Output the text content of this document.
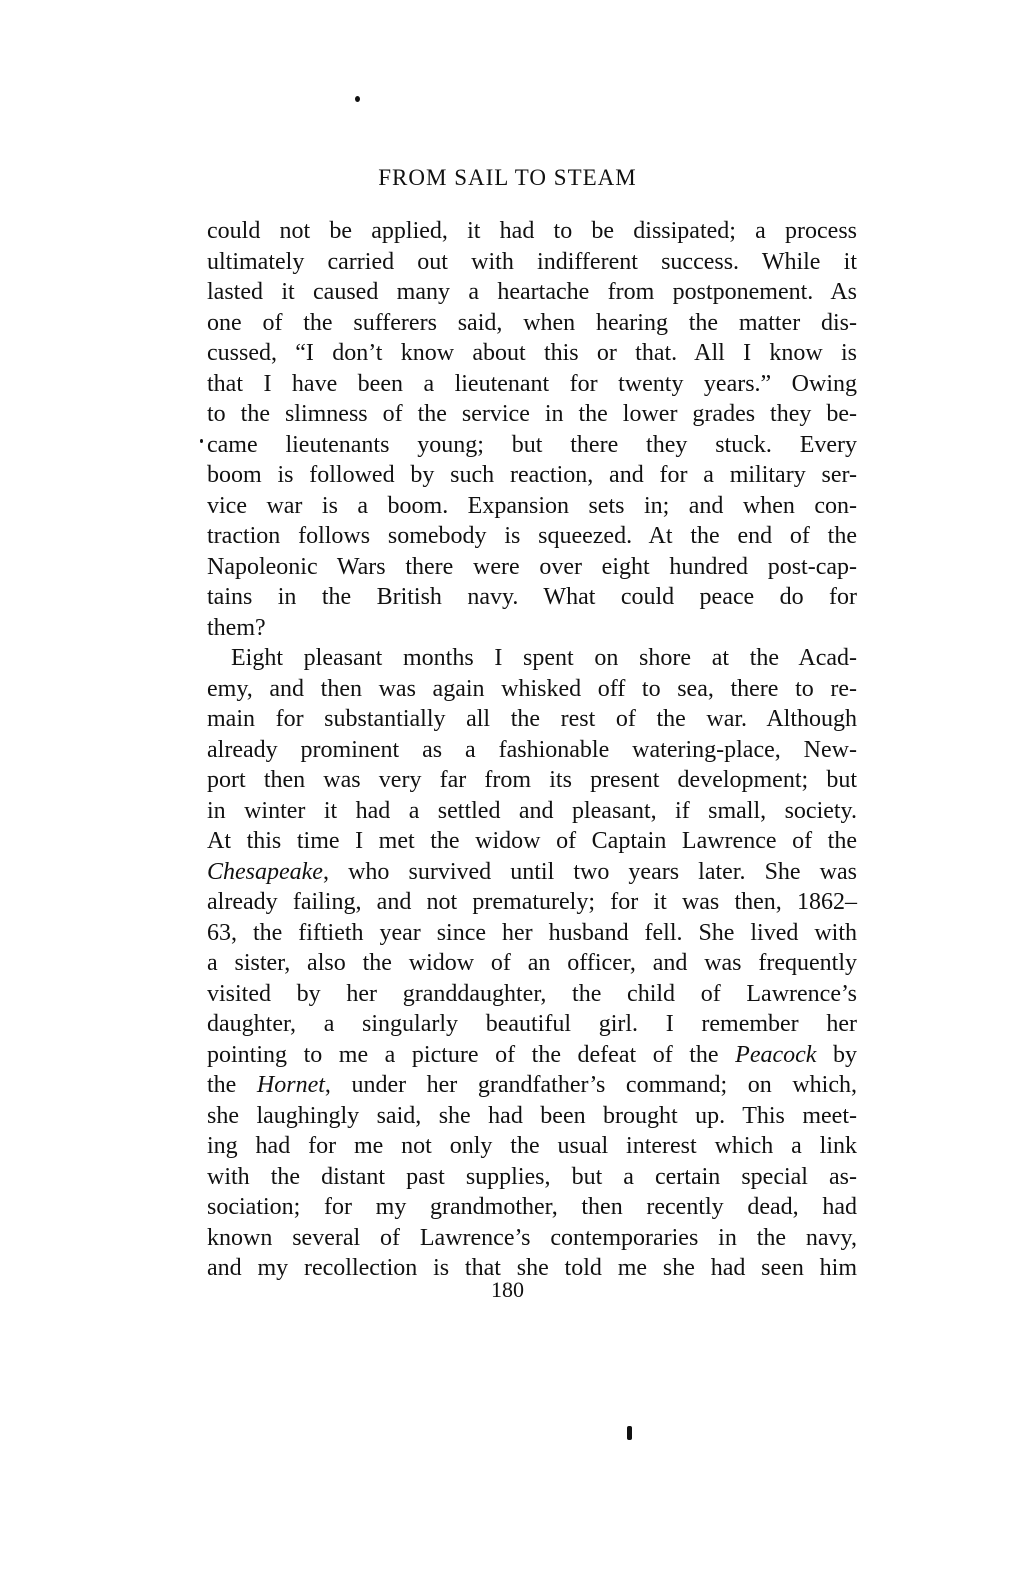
FROM SAIL TO STEAM
could not be applied, it had to be dissipated; a process
ultimately carried out with indifferent success. While it
lasted it caused many a heartache from postponement. As
one of the sufferers said, when hearing the matter dis-
cussed, “I don’t know about this or that. All I know is
that I have been a lieutenant for twenty years.” Owing
to the slimness of the service in the lower grades they be-
came lieutenants young; but there they stuck. Every
boom is followed by such reaction, and for a military ser-
vice war is a boom. Expansion sets in; and when con-
traction follows somebody is squeezed. At the end of the
Napoleonic Wars there were over eight hundred post-cap-
tains in the British navy. What could peace do for
them?
Eight pleasant months I spent on shore at the Acad-
emy, and then was again whisked off to sea, there to re-
main for substantially all the rest of the war. Although
already prominent as a fashionable watering-place, New-
port then was very far from its present development; but
in winter it had a settled and pleasant, if small, society.
At this time I met the widow of Captain Lawrence of the
Chesapeake, who survived until two years later. She was
already failing, and not prematurely; for it was then, 1862–
63, the fiftieth year since her husband fell. She lived with
a sister, also the widow of an officer, and was frequently
visited by her granddaughter, the child of Lawrence’s
daughter, a singularly beautiful girl. I remember her
pointing to me a picture of the defeat of the Peacock by
the Hornet, under her grandfather’s command; on which,
she laughingly said, she had been brought up. This meet-
ing had for me not only the usual interest which a link
with the distant past supplies, but a certain special as-
sociation; for my grandmother, then recently dead, had
known several of Lawrence’s contemporaries in the navy,
and my recollection is that she told me she had seen him
180
